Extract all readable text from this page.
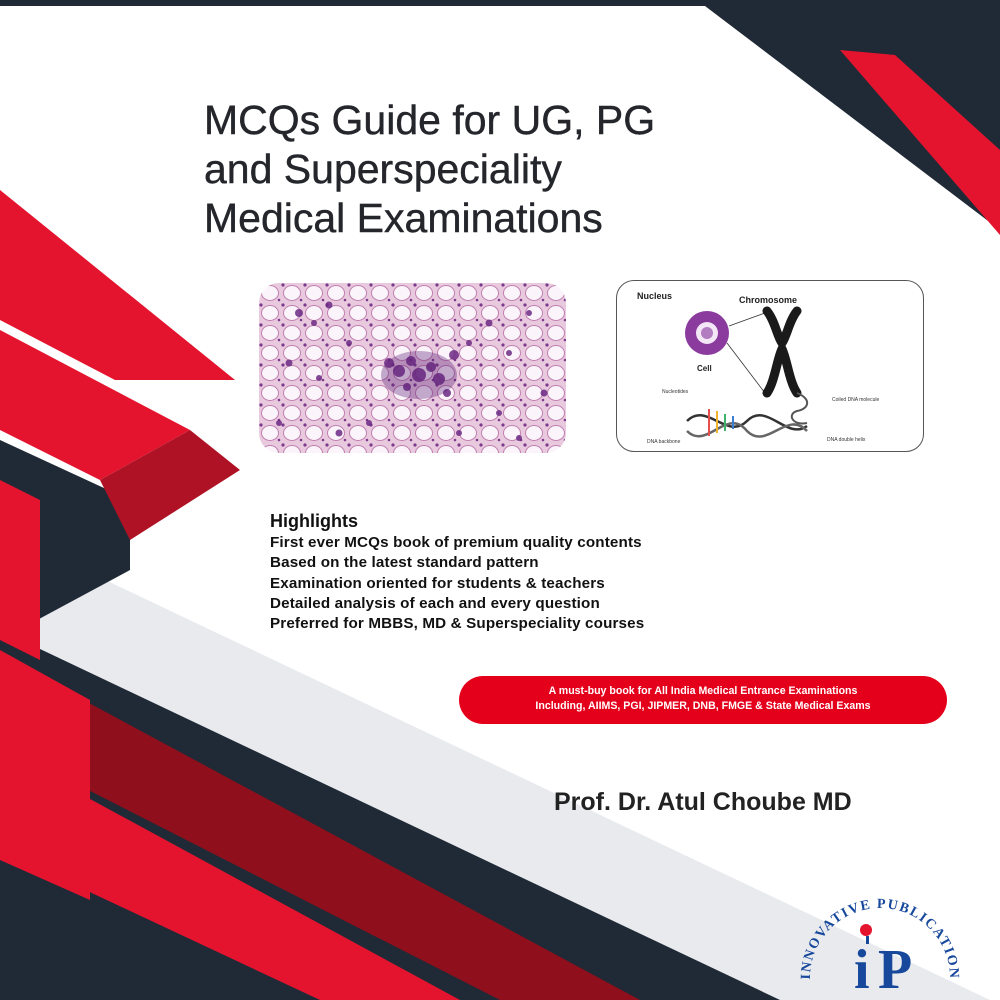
MCQs Guide for UG, PG
and Superspeciality
Medical Examinations
Nucleus	Chromosome
Cell
Coiled DNA molecule
Nucleotides
DNA backbone	DNA double helix
Highlights
First ever MCQs book of premium quality contents
Based on the latest standard pattern
Examination oriented for students & teachers
Detailed analysis of each and every question
Preferred for MBBS, MD & Superspeciality courses
A must-buy book for All India Medical Entrance Examinations
Including, AIIMS, PGI, JIPMER, DNB, FMGE & State Medical Exams
Prof. Dr. Atul Choube MD
INNOVATIVE PUBLICATION
i P
